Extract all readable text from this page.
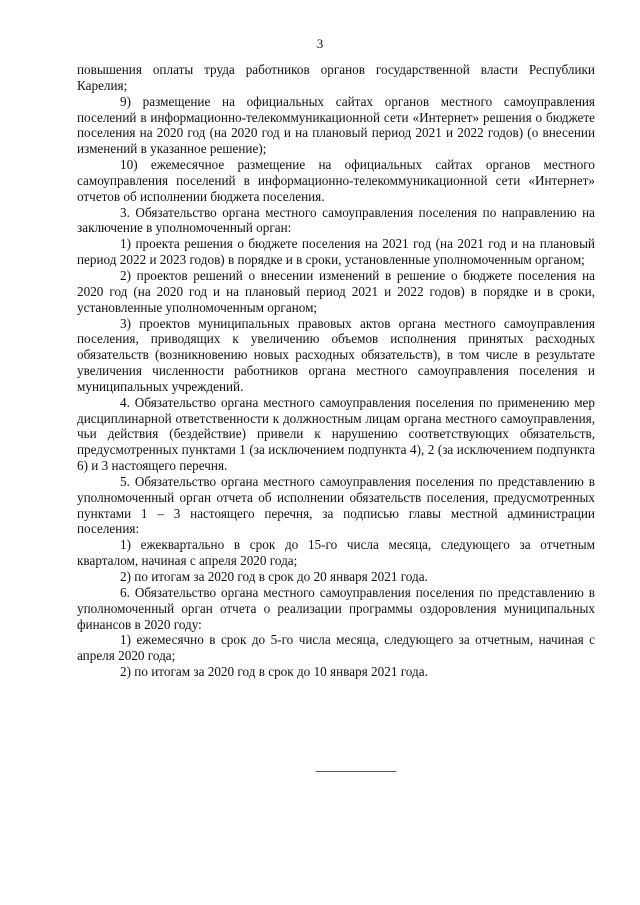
3

повышения оплаты труда работников органов государственной власти Республики Карелия;

9) размещение на официальных сайтах органов местного самоуправления поселений в информационно-телекоммуникационной сети «Интернет» решения о бюджете поселения на 2020 год (на 2020 год и на плановый период 2021 и 2022 годов) (о внесении изменений в указанное решение);

10) ежемесячное размещение на официальных сайтах органов местного самоуправления поселений в информационно-телекоммуникационной сети «Интернет» отчетов об исполнении бюджета поселения.

3. Обязательство органа местного самоуправления поселения по направлению на заключение в уполномоченный орган:

1) проекта решения о бюджете поселения на 2021 год (на 2021 год и на плановый период 2022 и 2023 годов) в порядке и в сроки, установленные уполномоченным органом;

2) проектов решений о внесении изменений в решение о бюджете поселения на 2020 год (на 2020 год и на плановый период 2021 и 2022 годов) в порядке и в сроки, установленные уполномоченным органом;

3) проектов муниципальных правовых актов органа местного самоуправления поселения, приводящих к увеличению объемов исполнения принятых расходных обязательств (возникновению новых расходных обязательств), в том числе в результате увеличения численности работников органа местного самоуправления поселения и муниципальных учреждений.

4. Обязательство органа местного самоуправления поселения по применению мер дисциплинарной ответственности к должностным лицам органа местного самоуправления, чьи действия (бездействие) привели к нарушению соответствующих обязательств, предусмотренных пунктами 1 (за исключением подпункта 4), 2 (за исключением подпункта 6) и 3 настоящего перечня.

5. Обязательство органа местного самоуправления поселения по представлению в уполномоченный орган отчета об исполнении обязательств поселения, предусмотренных пунктами 1 – 3 настоящего перечня, за подписью главы местной администрации поселения:

1) ежеквартально в срок до 15-го числа месяца, следующего за отчетным кварталом, начиная с апреля 2020 года;

2) по итогам за 2020 год в срок до 20 января 2021 года.

6. Обязательство органа местного самоуправления поселения по представлению в уполномоченный орган отчета о реализации программы оздоровления муниципальных финансов в 2020 году:

1) ежемесячно в срок до 5-го числа месяца, следующего за отчетным, начиная с апреля 2020 года;

2) по итогам за 2020 год в срок до 10 января 2021 года.
